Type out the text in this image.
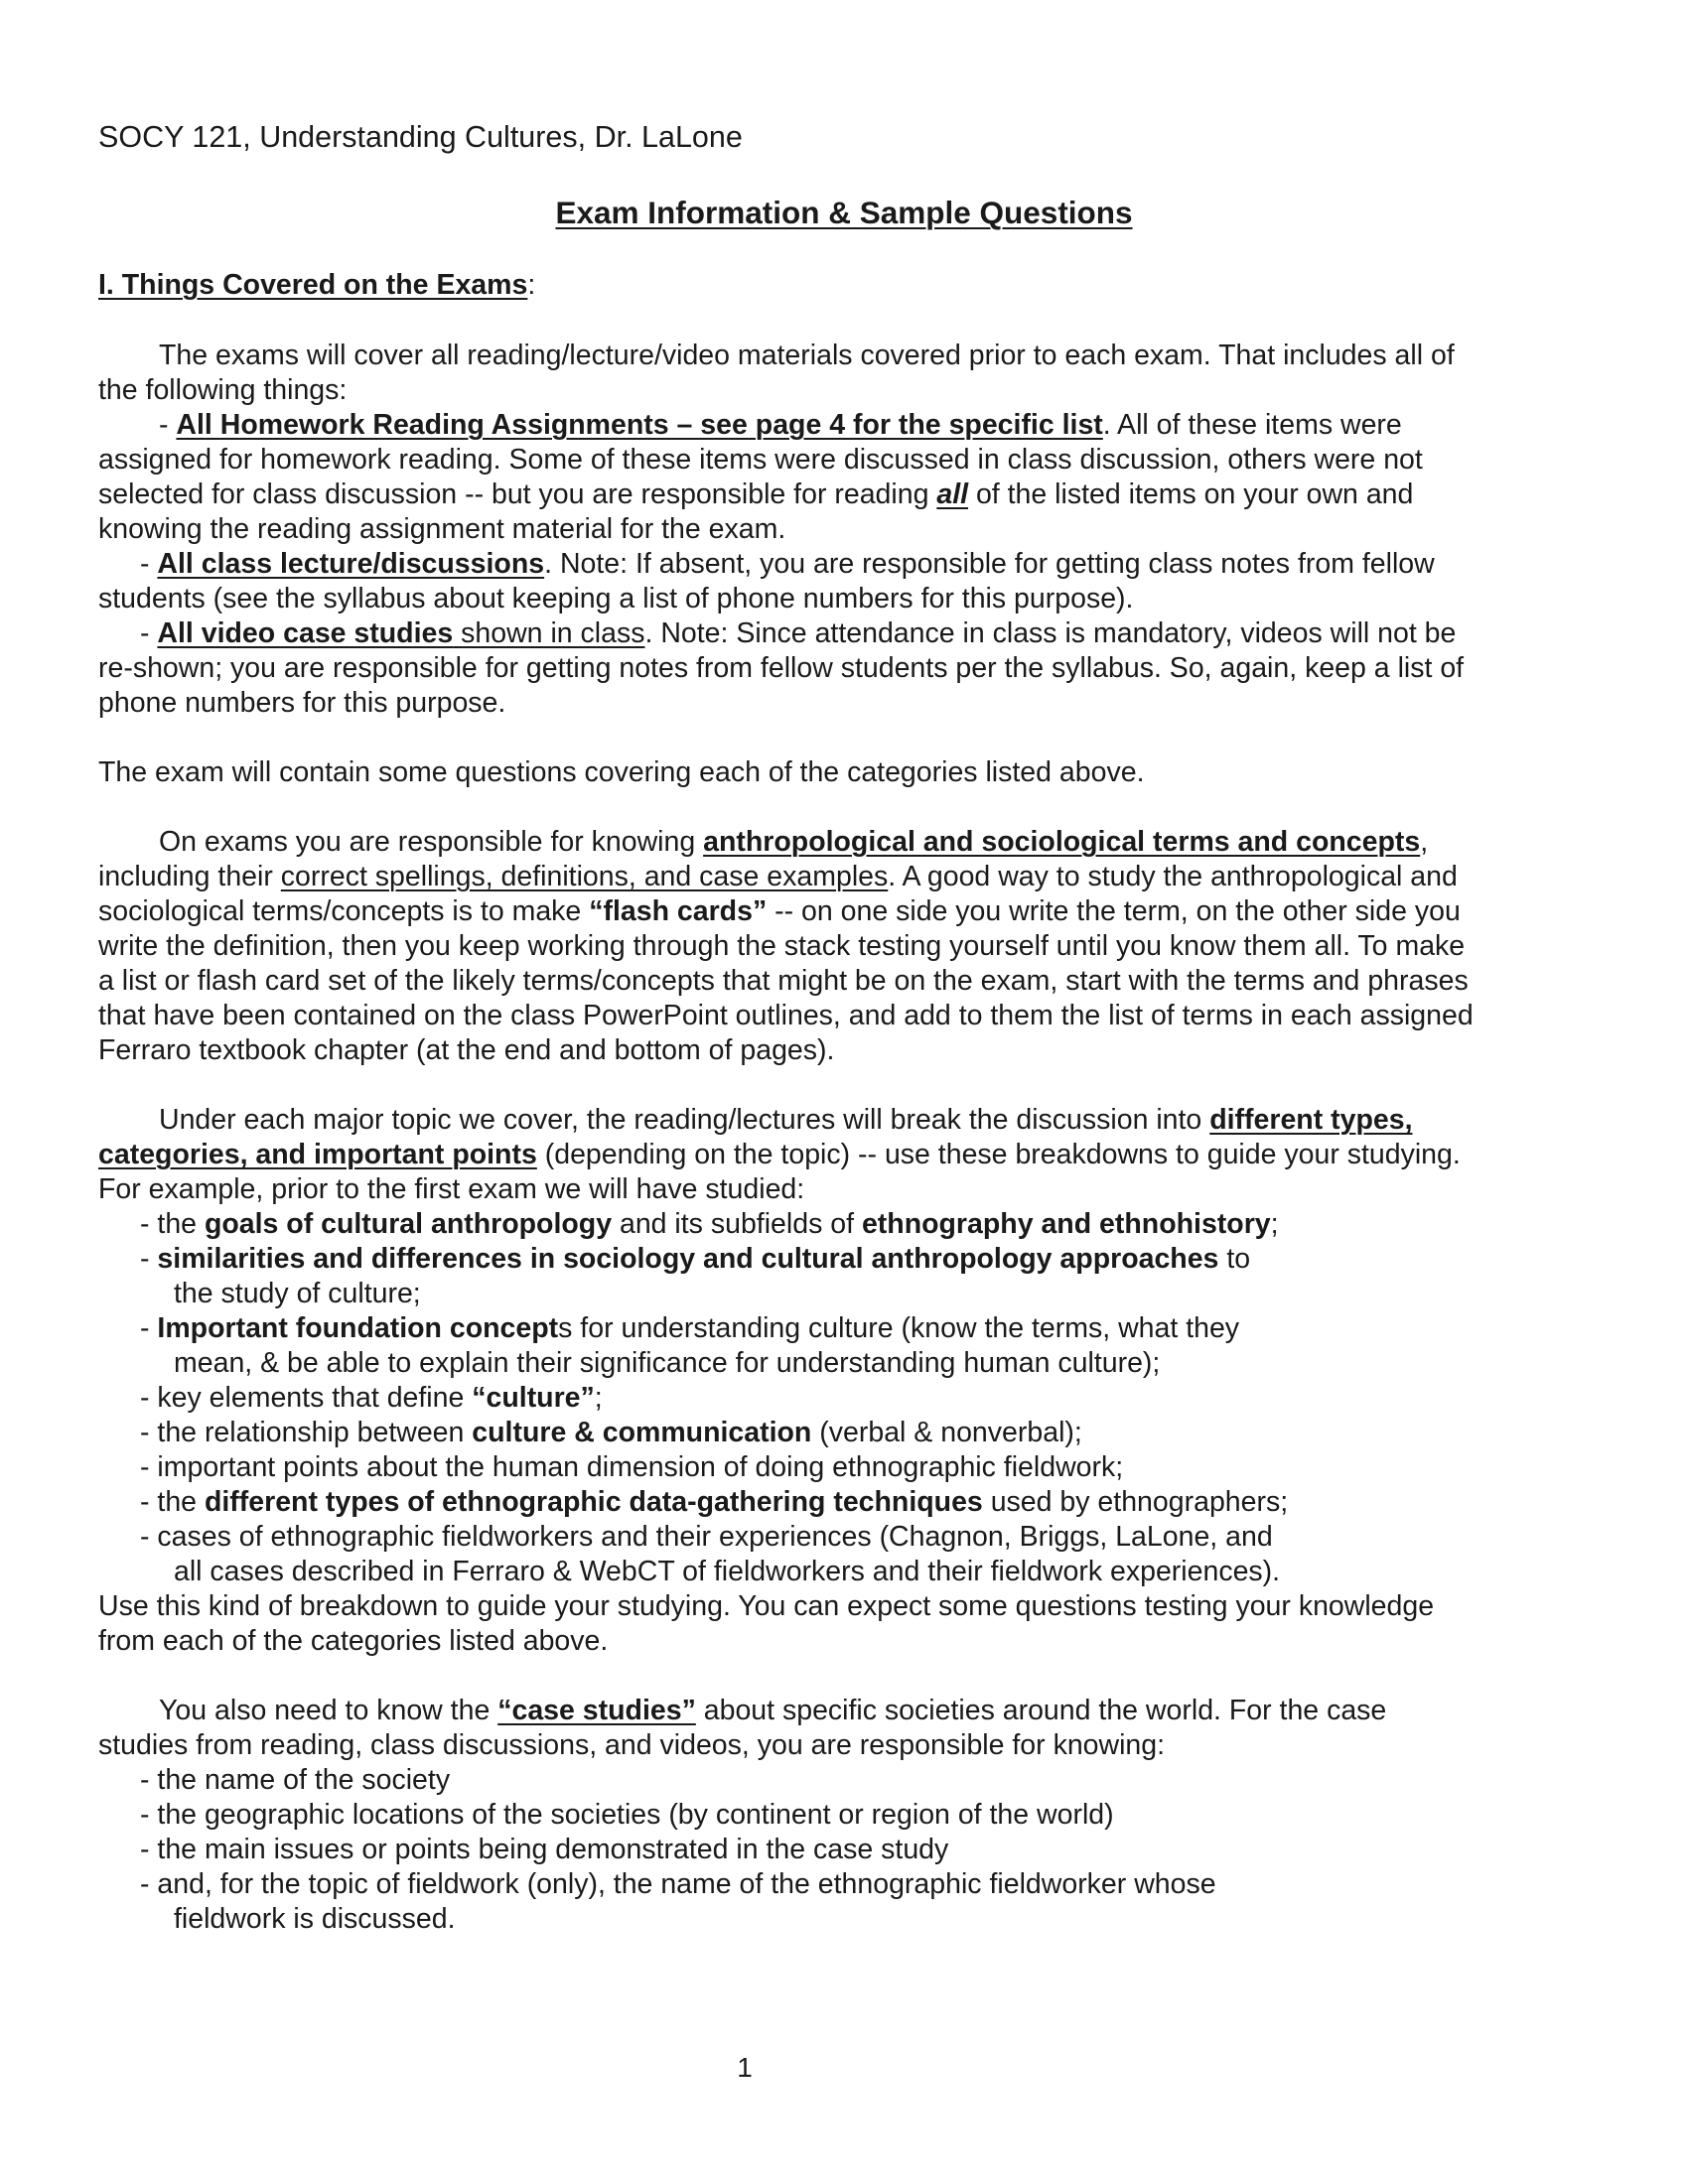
SOCY 121, Understanding Cultures, Dr. LaLone
Exam Information & Sample Questions
I. Things Covered on the Exams:
The exams will cover all reading/lecture/video materials covered prior to each exam. That includes all of
the following things:
- All Homework Reading Assignments – see page 4 for the specific list. All of these items were
assigned for homework reading. Some of these items were discussed in class discussion, others were not
selected for class discussion -- but you are responsible for reading all of the listed items on your own and
knowing the reading assignment material for the exam.
- All class lecture/discussions. Note: If absent, you are responsible for getting class notes from fellow
students (see the syllabus about keeping a list of phone numbers for this purpose).
- All video case studies shown in class. Note: Since attendance in class is mandatory, videos will not be
re-shown; you are responsible for getting notes from fellow students per the syllabus. So, again, keep a list of
phone numbers for this purpose.
The exam will contain some questions covering each of the categories listed above.
On exams you are responsible for knowing anthropological and sociological terms and concepts,
including their correct spellings, definitions, and case examples. A good way to study the anthropological and
sociological terms/concepts is to make “flash cards” -- on one side you write the term, on the other side you
write the definition, then you keep working through the stack testing yourself until you know them all. To make
a list or flash card set of the likely terms/concepts that might be on the exam, start with the terms and phrases
that have been contained on the class PowerPoint outlines, and add to them the list of terms in each assigned
Ferraro textbook chapter (at the end and bottom of pages).
Under each major topic we cover, the reading/lectures will break the discussion into different types,
categories, and important points (depending on the topic) -- use these breakdowns to guide your studying.
For example, prior to the first exam we will have studied:
- the goals of cultural anthropology and its subfields of ethnography and ethnohistory;
- similarities and differences in sociology and cultural anthropology approaches to
the study of culture;
- Important foundation concepts for understanding culture (know the terms, what they
mean, & be able to explain their significance for understanding human culture);
- key elements that define “culture”;
- the relationship between culture & communication (verbal & nonverbal);
- important points about the human dimension of doing ethnographic fieldwork;
- the different types of ethnographic data-gathering techniques used by ethnographers;
- cases of ethnographic fieldworkers and their experiences (Chagnon, Briggs, LaLone, and
all cases described in Ferraro & WebCT of fieldworkers and their fieldwork experiences).
Use this kind of breakdown to guide your studying. You can expect some questions testing your knowledge
from each of the categories listed above.
You also need to know the “case studies” about specific societies around the world. For the case
studies from reading, class discussions, and videos, you are responsible for knowing:
- the name of the society
- the geographic locations of the societies (by continent or region of the world)
- the main issues or points being demonstrated in the case study
- and, for the topic of fieldwork (only), the name of the ethnographic fieldworker whose
fieldwork is discussed.
1
